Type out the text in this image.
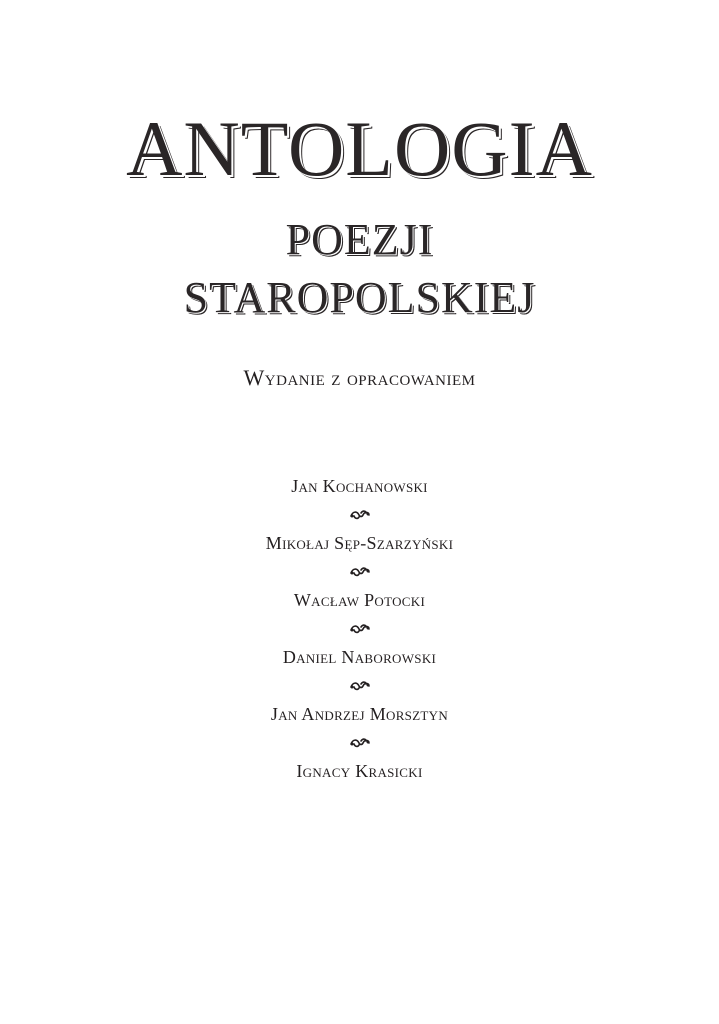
ANTOLOGIA
POEZJI
STAROPOLSKIEJ
Wydanie z opracowaniem
Jan Kochanowski
Mikołaj Sęp-Szarzyński
Wacław Potocki
Daniel Naborowski
Jan Andrzej Morsztyn
Ignacy Krasicki
